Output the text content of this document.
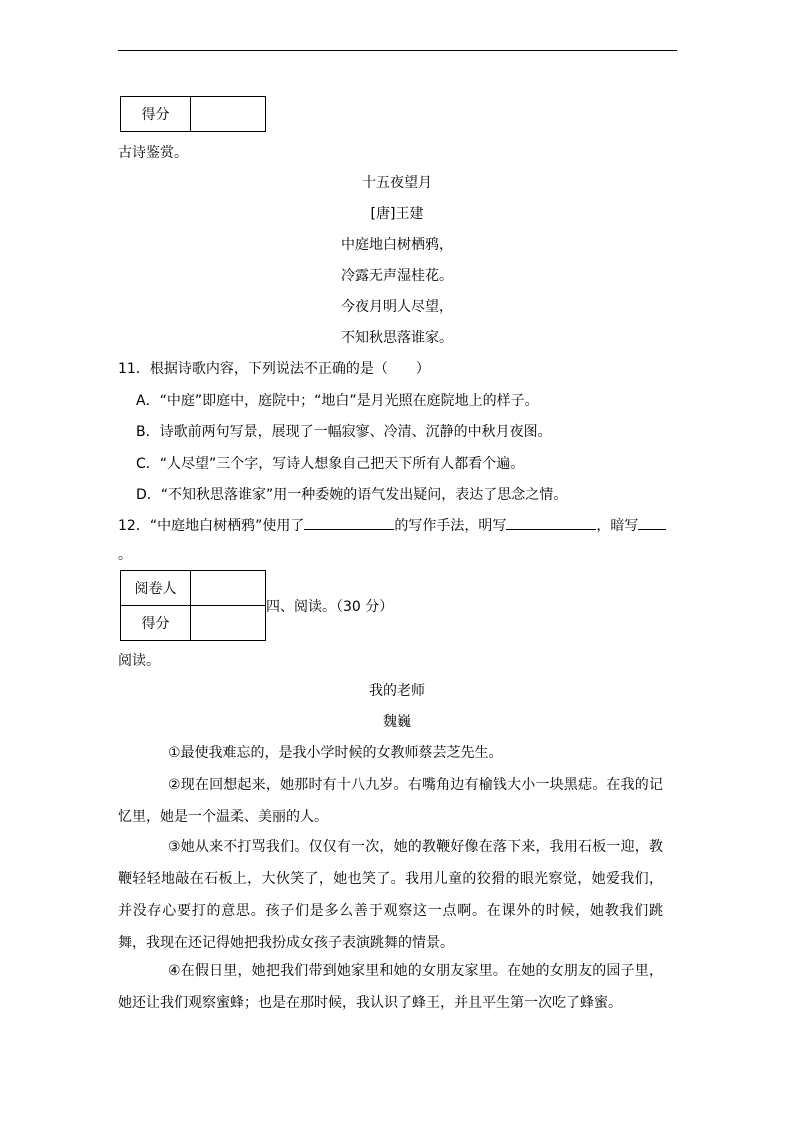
得分	
古诗鉴赏。
十五夜望月
[唐]王建
中庭地白树栖鸦，
冷露无声湿桂花。
今夜月明人尽望，
不知秋思落谁家。
11．根据诗歌内容，下列说法不正确的是（　　）
A．“中庭”即庭中，庭院中；“地白”是月光照在庭院地上的样子。
B．诗歌前两句写景，展现了一幅寂寥、冷清、沉静的中秋月夜图。
C．“人尽望”三个字，写诗人想象自己把天下所有人都看个遍。
D．“不知秋思落谁家”用一种委婉的语气发出疑问，表达了思念之情。
12．“中庭地白树栖鸦”使用了	的写作手法，明写	，暗写
。
阅卷人	
得分	
四、阅读。（30 分）
阅读。
我的老师
魏巍
①最使我难忘的，是我小学时候的女教师蔡芸芝先生。
②现在回想起来，她那时有十八九岁。右嘴角边有榆钱大小一块黑痣。在我的记忆里，她是一个温柔、美丽的人。
③她从来不打骂我们。仅仅有一次，她的教鞭好像在落下来，我用石板一迎，教鞭轻轻地敲在石板上，大伙笑了，她也笑了。我用儿童的狡猾的眼光察觉，她爱我们，并没存心要打的意思。孩子们是多么善于观察这一点啊。在课外的时候，她教我们跳舞，我现在还记得她把我扮成女孩子表演跳舞的情景。
④在假日里，她把我们带到她家里和她的女朋友家里。在她的女朋友的园子里，她还让我们观察蜜蜂；也是在那时候，我认识了蜂王，并且平生第一次吃了蜂蜜。
